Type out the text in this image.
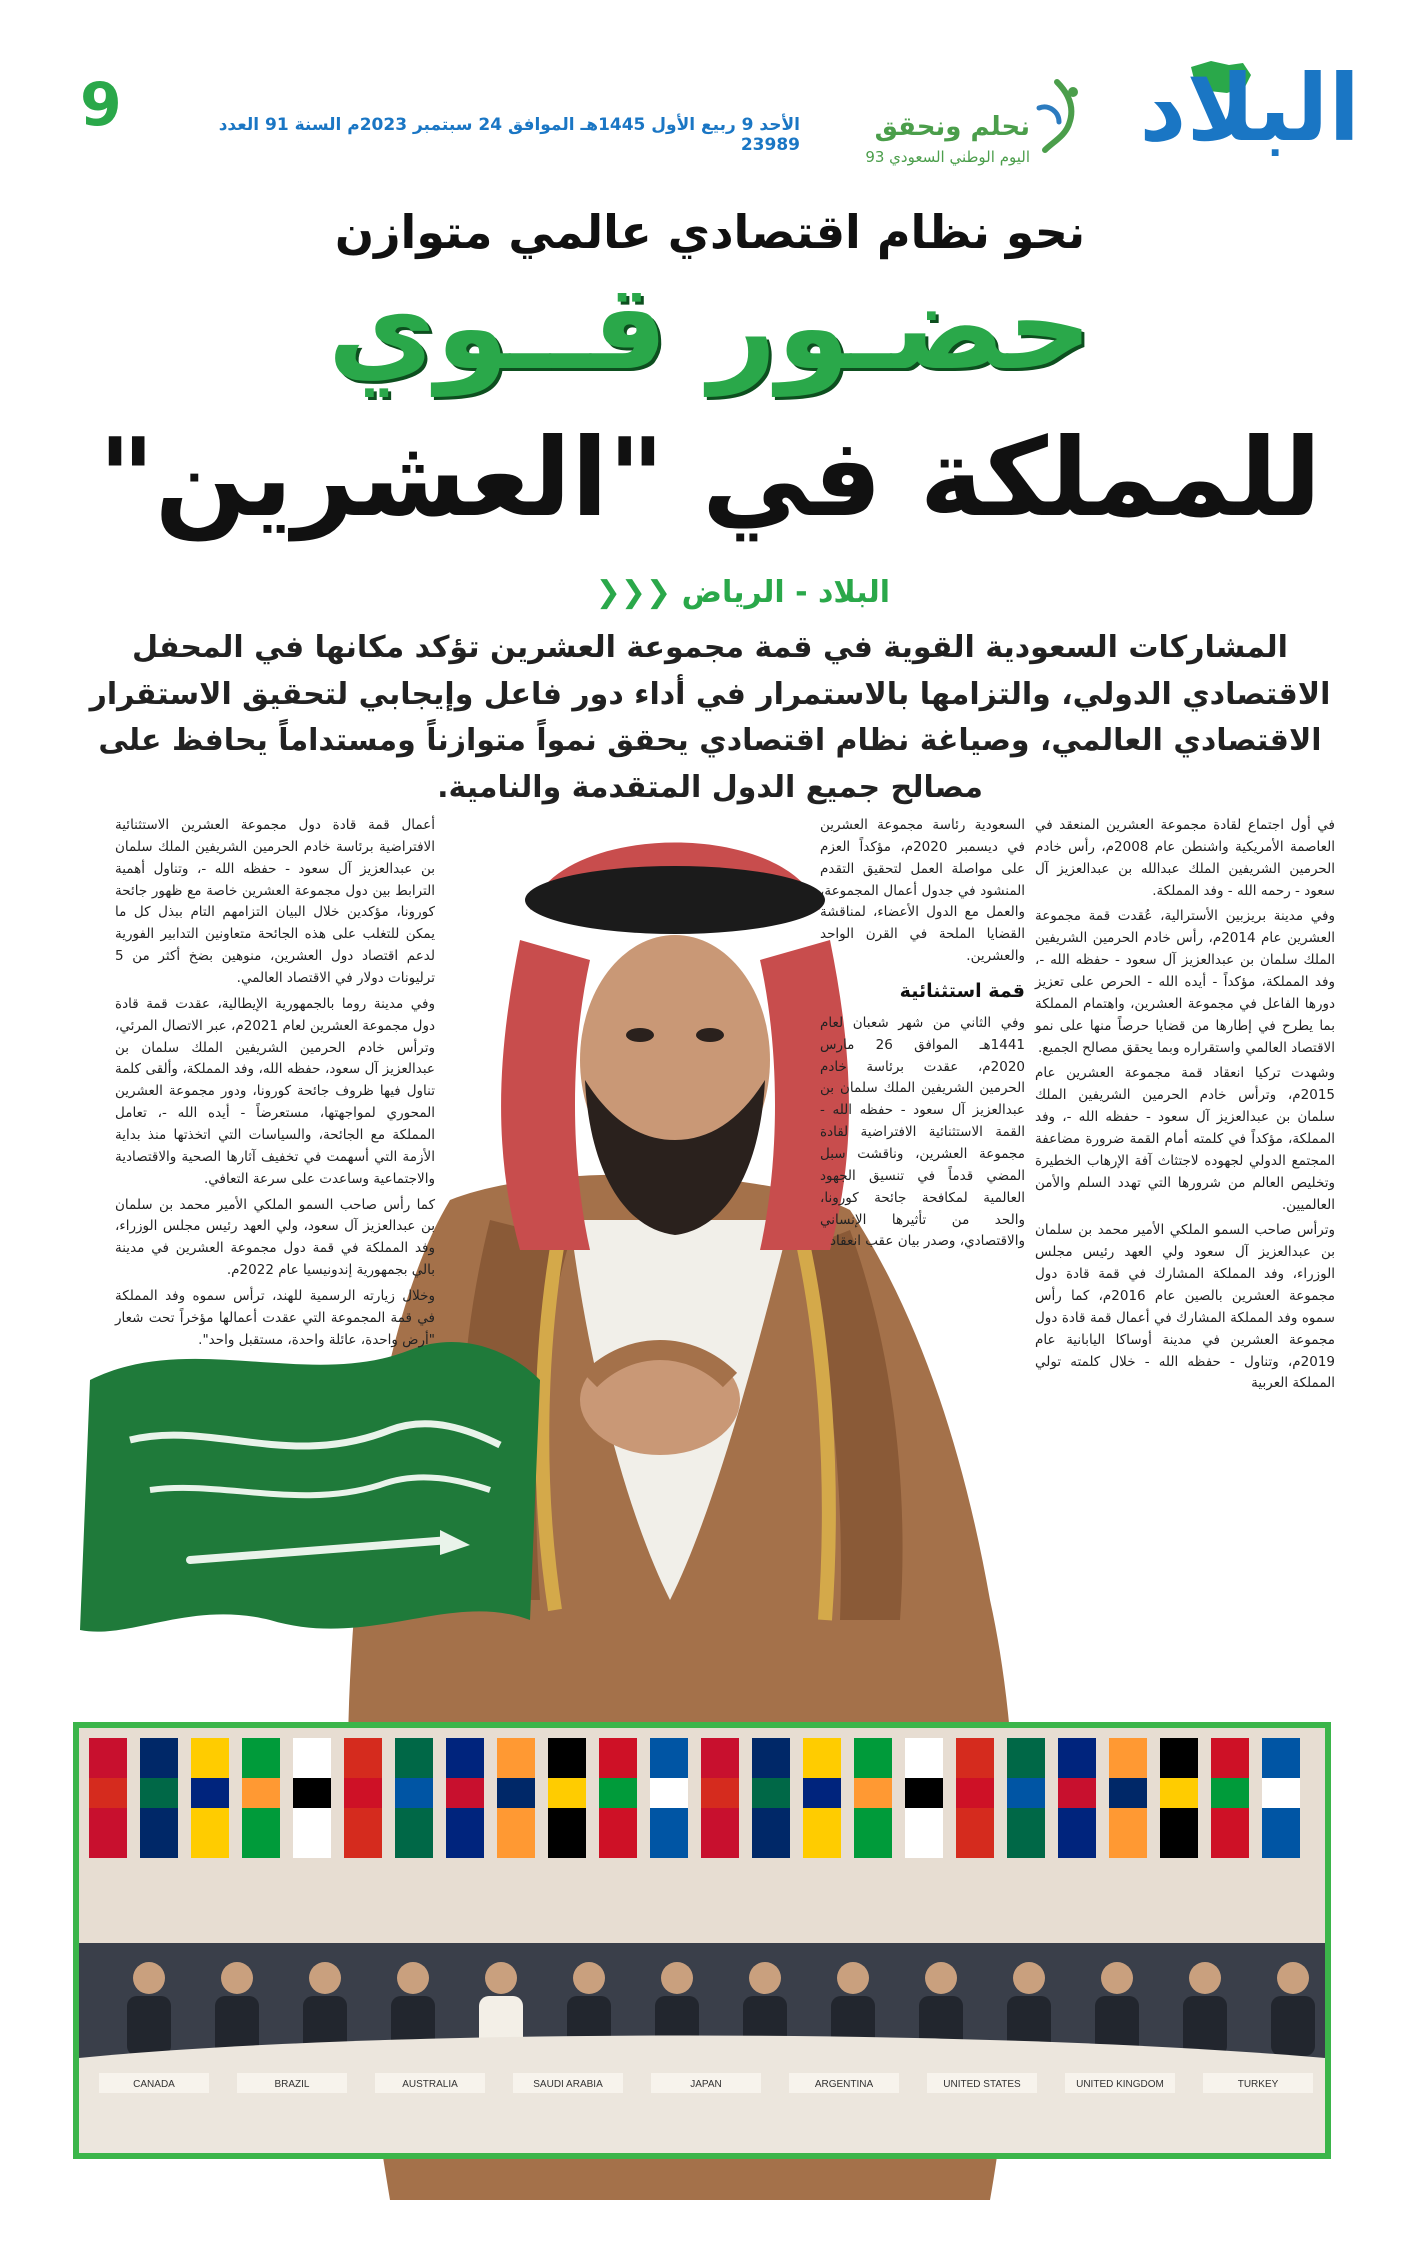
9	الأحد 9 ربيع الأول 1445هـ الموافق 24 سبتمبر 2023م السنة 91 العدد 23989
نحلم ونحقق
اليوم الوطني السعودي 93 البلاد
نحو نظام اقتصادي عالمي متوازن
حضـور قــوي
للمملكة في "العشرين"
البلاد - الرياض ❮❮❮
المشاركات السعودية القوية في قمة مجموعة العشرين تؤكد مكانها في المحفل الاقتصادي الدولي، والتزامها بالاستمرار في أداء دور فاعل وإيجابي لتحقيق الاستقرار الاقتصادي العالمي، وصياغة نظام اقتصادي يحقق نمواً متوازناً ومستداماً يحافظ على مصالح جميع الدول المتقدمة والنامية.

في أول اجتماع لقادة مجموعة العشرين المنعقد في العاصمة الأمريكية واشنطن عام 2008م، رأس خادم الحرمين الشريفين الملك عبدالله بن عبدالعزيز آل سعود - رحمه الله - وفد المملكة.

وفي مدينة بريزبين الأسترالية، عُقدت قمة مجموعة العشرين عام 2014م، رأس خادم الحرمين الشريفين الملك سلمان بن عبدالعزيز آل سعود - حفظه الله -، وفد المملكة، مؤكداً - أيده الله - الحرص على تعزيز دورها الفاعل في مجموعة العشرين، واهتمام المملكة بما يطرح في إطارها من قضايا حرصاً منها على نمو الاقتصاد العالمي واستقراره وبما يحقق مصالح الجميع.

وشهدت تركيا انعقاد قمة مجموعة العشرين عام 2015م، وترأس خادم الحرمين الشريفين الملك سلمان بن عبدالعزيز آل سعود - حفظه الله -، وفد المملكة، مؤكداً في كلمته أمام القمة ضرورة مضاعفة المجتمع الدولي لجهوده لاجتثاث آفة الإرهاب الخطيرة وتخليص العالم من شرورها التي تهدد السلم والأمن العالميين.

وترأس صاحب السمو الملكي الأمير محمد بن سلمان بن عبدالعزيز آل سعود ولي العهد رئيس مجلس الوزراء، وفد المملكة المشارك في قمة قادة دول مجموعة العشرين بالصين عام 2016م، كما رأس سموه وفد المملكة المشارك في أعمال قمة قادة دول مجموعة العشرين في مدينة أوساكا اليابانية عام 2019م، وتناول - حفظه الله - خلال كلمته تولي المملكة العربية

السعودية رئاسة مجموعة العشرين في ديسمبر 2020م، مؤكداً العزم على مواصلة العمل لتحقيق التقدم المنشود في جدول أعمال المجموعة، والعمل مع الدول الأعضاء، لمناقشة القضايا الملحة في القرن الواحد والعشرين.

قمة استثنائية

وفي الثاني من شهر شعبان لعام 1441هـ الموافق 26 مارس 2020م، عقدت برئاسة خادم الحرمين الشريفين الملك سلمان بن عبدالعزيز آل سعود - حفظه الله - القمة الاستثنائية الافتراضية لقادة مجموعة العشرين، وناقشت سبل المضي قدماً في تنسيق الجهود العالمية لمكافحة جائحة كورونا، والحد من تأثيرها الإنساني والاقتصادي، وصدر بيان عقب انعقاد

أعمال قمة قادة دول مجموعة العشرين الاستثنائية الافتراضية برئاسة خادم الحرمين الشريفين الملك سلمان بن عبدالعزيز آل سعود - حفظه الله -، وتناول أهمية الترابط بين دول مجموعة العشرين خاصة مع ظهور جائحة كورونا، مؤكدين خلال البيان التزامهم التام ببذل كل ما يمكن للتغلب على هذه الجائحة متعاونين التدابير الفورية لدعم اقتصاد دول العشرين، منوهين بضخ أكثر من 5 ترليونات دولار في الاقتصاد العالمي.

وفي مدينة روما بالجمهورية الإيطالية، عقدت قمة قادة دول مجموعة العشرين لعام 2021م، عبر الاتصال المرئي، وترأس خادم الحرمين الشريفين الملك سلمان بن عبدالعزيز آل سعود، حفظه الله، وفد المملكة، وألقى كلمة تناول فيها ظروف جائحة كورونا، ودور مجموعة العشرين المحوري لمواجهتها، مستعرضاً - أيده الله -، تعامل المملكة مع الجائحة، والسياسات التي اتخذتها منذ بداية الأزمة التي أسهمت في تخفيف آثارها الصحية والاقتصادية والاجتماعية وساعدت على سرعة التعافي.

كما رأس صاحب السمو الملكي الأمير محمد بن سلمان بن عبدالعزيز آل سعود، ولي العهد رئيس مجلس الوزراء، وفد المملكة في قمة دول مجموعة العشرين في مدينة بالي بجمهورية إندونيسيا عام 2022م.

وخلال زيارته الرسمية للهند، ترأس سموه وفد المملكة في قمة المجموعة التي عقدت أعمالها مؤخراً تحت شعار "أرض واحدة، عائلة واحدة، مستقبل واحد".

CANADA	BRAZIL	AUSTRALIA	SAUDI ARABIA	JAPAN	ARGENTINA	UNITED STATES	UNITED KINGDOM	TURKEY
